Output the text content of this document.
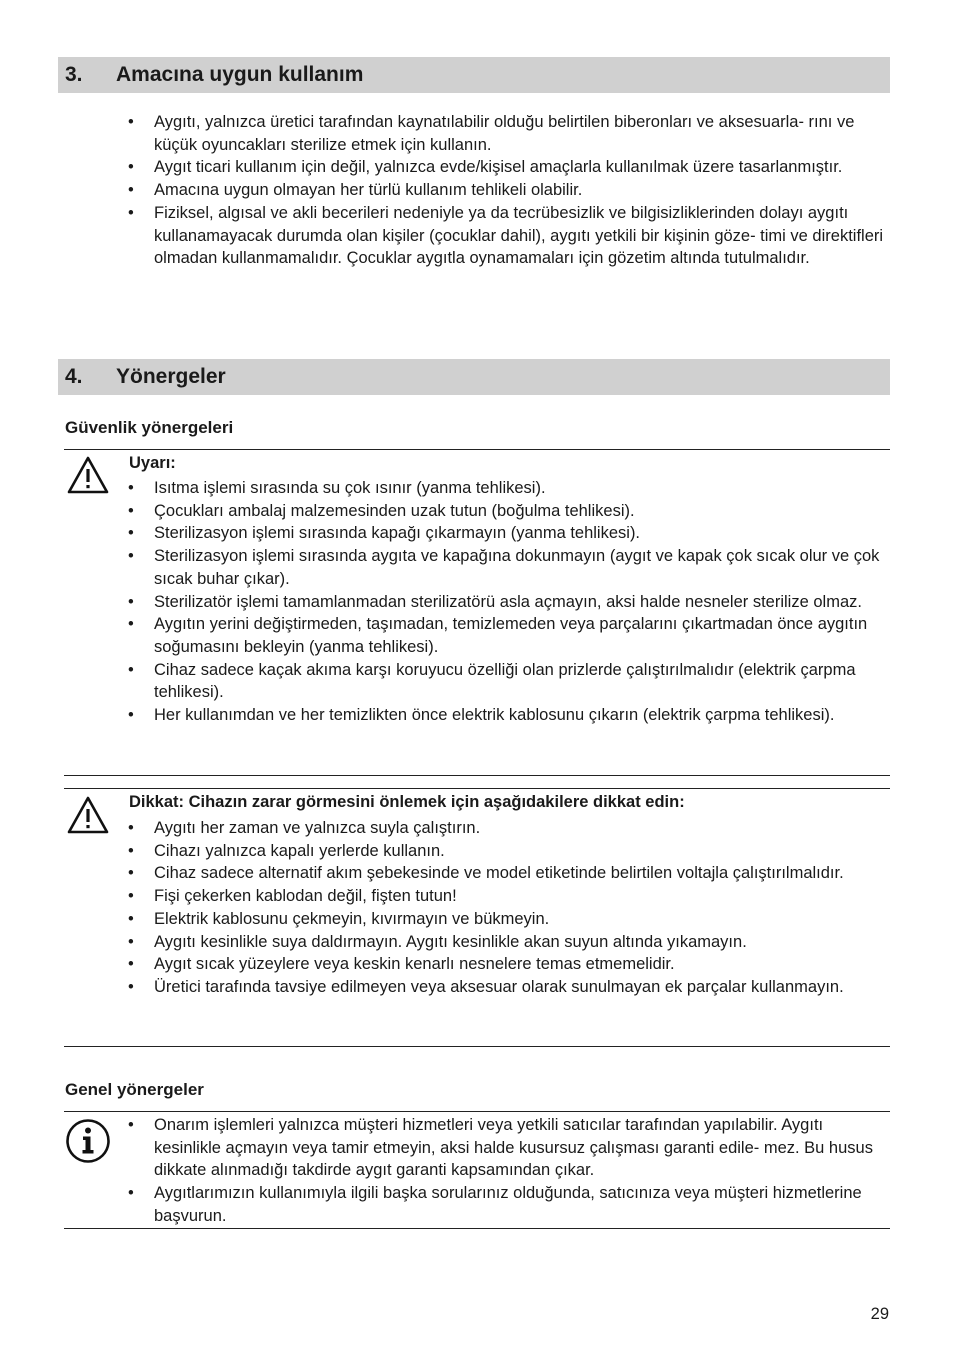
3. Amacına uygun kullanım
• Aygıtı, yalnızca üretici tarafından kaynatılabilir olduğu belirtilen biberonları ve aksesuarla- rını ve küçük oyuncakları sterilize etmek için kullanın.
• Aygıt ticari kullanım için değil, yalnızca evde/kişisel amaçlarla kullanılmak üzere tasarlanmıştır.
• Amacına uygun olmayan her türlü kullanım tehlikeli olabilir.
• Fiziksel, algısal ve akli becerileri nedeniyle ya da tecrübesizlik ve bilgisizliklerinden dolayı aygıtı kullanamayacak durumda olan kişiler (çocuklar dahil), aygıtı yetkili bir kişinin göze- timi ve direktifleri olmadan kullanmamalıdır. Çocuklar aygıtla oynamamaları için gözetim altında tutulmalıdır.
4. Yönergeler
Güvenlik yönergeleri
Uyarı:
• Isıtma işlemi sırasında su çok ısınır (yanma tehlikesi).
• Çocukları ambalaj malzemesinden uzak tutun (boğulma tehlikesi).
• Sterilizasyon işlemi sırasında kapağı çıkarmayın (yanma tehlikesi).
• Sterilizasyon işlemi sırasında aygıta ve kapağına dokunmayın (aygıt ve kapak çok sıcak olur ve çok sıcak buhar çıkar).
• Sterilizatör işlemi tamamlanmadan sterilizatörü asla açmayın, aksi halde nesneler sterilize olmaz.
• Aygıtın yerini değiştirmeden, taşımadan, temizlemeden veya parçalarını çıkartmadan önce aygıtın soğumasını bekleyin (yanma tehlikesi).
• Cihaz sadece kaçak akıma karşı koruyucu özelliği olan prizlerde çalıştırılmalıdır (elektrik çarpma tehlikesi).
• Her kullanımdan ve her temizlikten önce elektrik kablosunu çıkarın (elektrik çarpma tehlikesi).
Dikkat: Cihazın zarar görmesini önlemek için aşağıdakilere dikkat edin:
• Aygıtı her zaman ve yalnızca suyla çalıştırın.
• Cihazı yalnızca kapalı yerlerde kullanın.
• Cihaz sadece alternatif akım şebekesinde ve model etiketinde belirtilen voltajla çalıştırılmalıdır.
• Fişi çekerken kablodan değil, fişten tutun!
• Elektrik kablosunu çekmeyin, kıvırmayın ve bükmeyin.
• Aygıtı kesinlikle suya daldırmayın. Aygıtı kesinlikle akan suyun altında yıkamayın.
• Aygıt sıcak yüzeylere veya keskin kenarlı nesnelere temas etmemelidir.
• Üretici tarafında tavsiye edilmeyen veya aksesuar olarak sunulmayan ek parçalar kullanmayın.
Genel yönergeler
• Onarım işlemleri yalnızca müşteri hizmetleri veya yetkili satıcılar tarafından yapılabilir. Aygıtı kesinlikle açmayın veya tamir etmeyin, aksi halde kusursuz çalışması garanti edile- mez. Bu husus dikkate alınmadığı takdirde aygıt garanti kapsamından çıkar.
• Aygıtlarımızın kullanımıyla ilgili başka sorularınız olduğunda, satıcınıza veya müşteri hizmetlerine başvurun.
29
